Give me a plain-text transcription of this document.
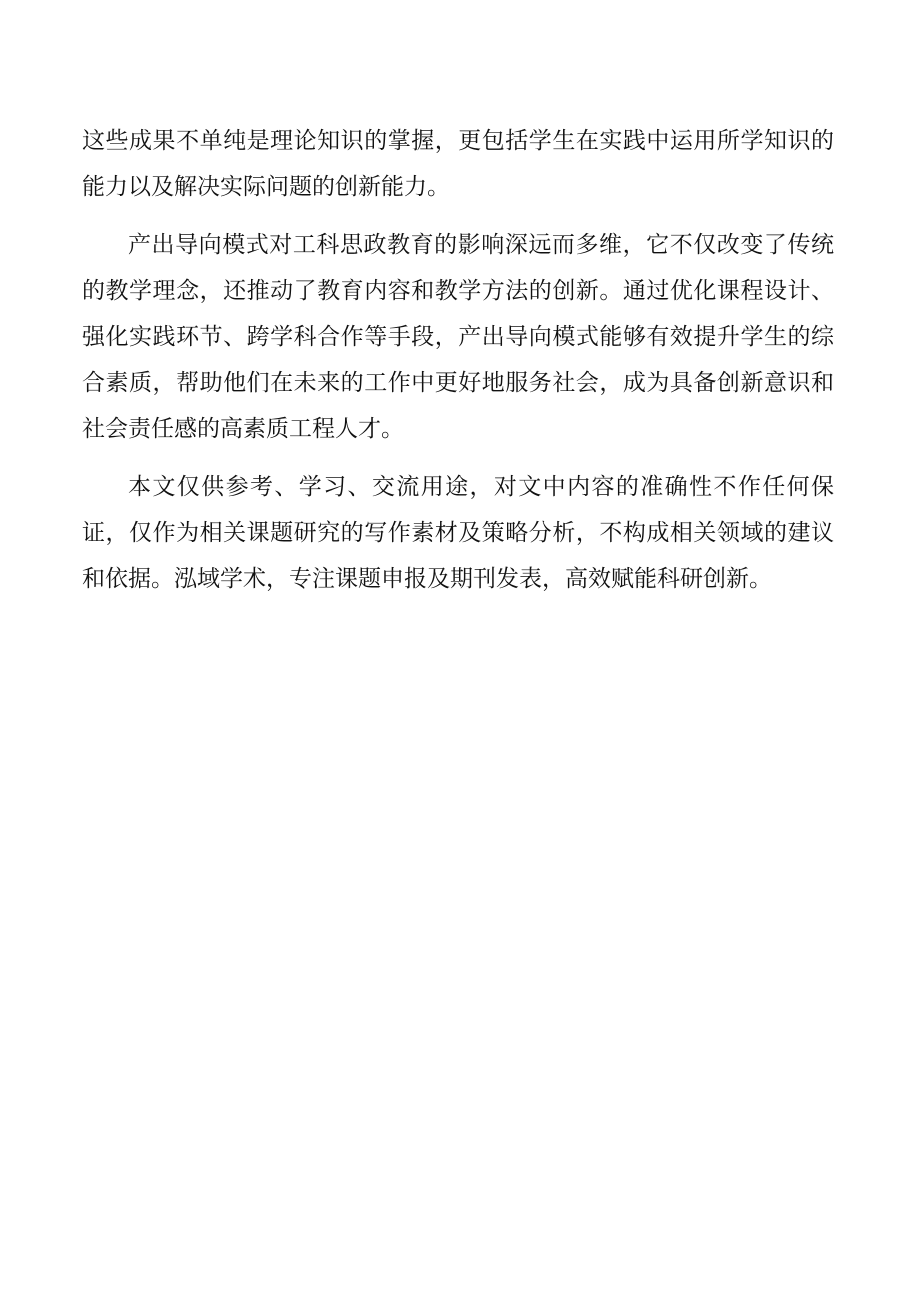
这些成果不单纯是理论知识的掌握，更包括学生在实践中运用所学知识的能力以及解决实际问题的创新能力。

产出导向模式对工科思政教育的影响深远而多维，它不仅改变了传统的教学理念，还推动了教育内容和教学方法的创新。通过优化课程设计、强化实践环节、跨学科合作等手段，产出导向模式能够有效提升学生的综合素质，帮助他们在未来的工作中更好地服务社会，成为具备创新意识和社会责任感的高素质工程人才。

本文仅供参考、学习、交流用途，对文中内容的准确性不作任何保证，仅作为相关课题研究的写作素材及策略分析，不构成相关领域的建议和依据。泓域学术，专注课题申报及期刊发表，高效赋能科研创新。
